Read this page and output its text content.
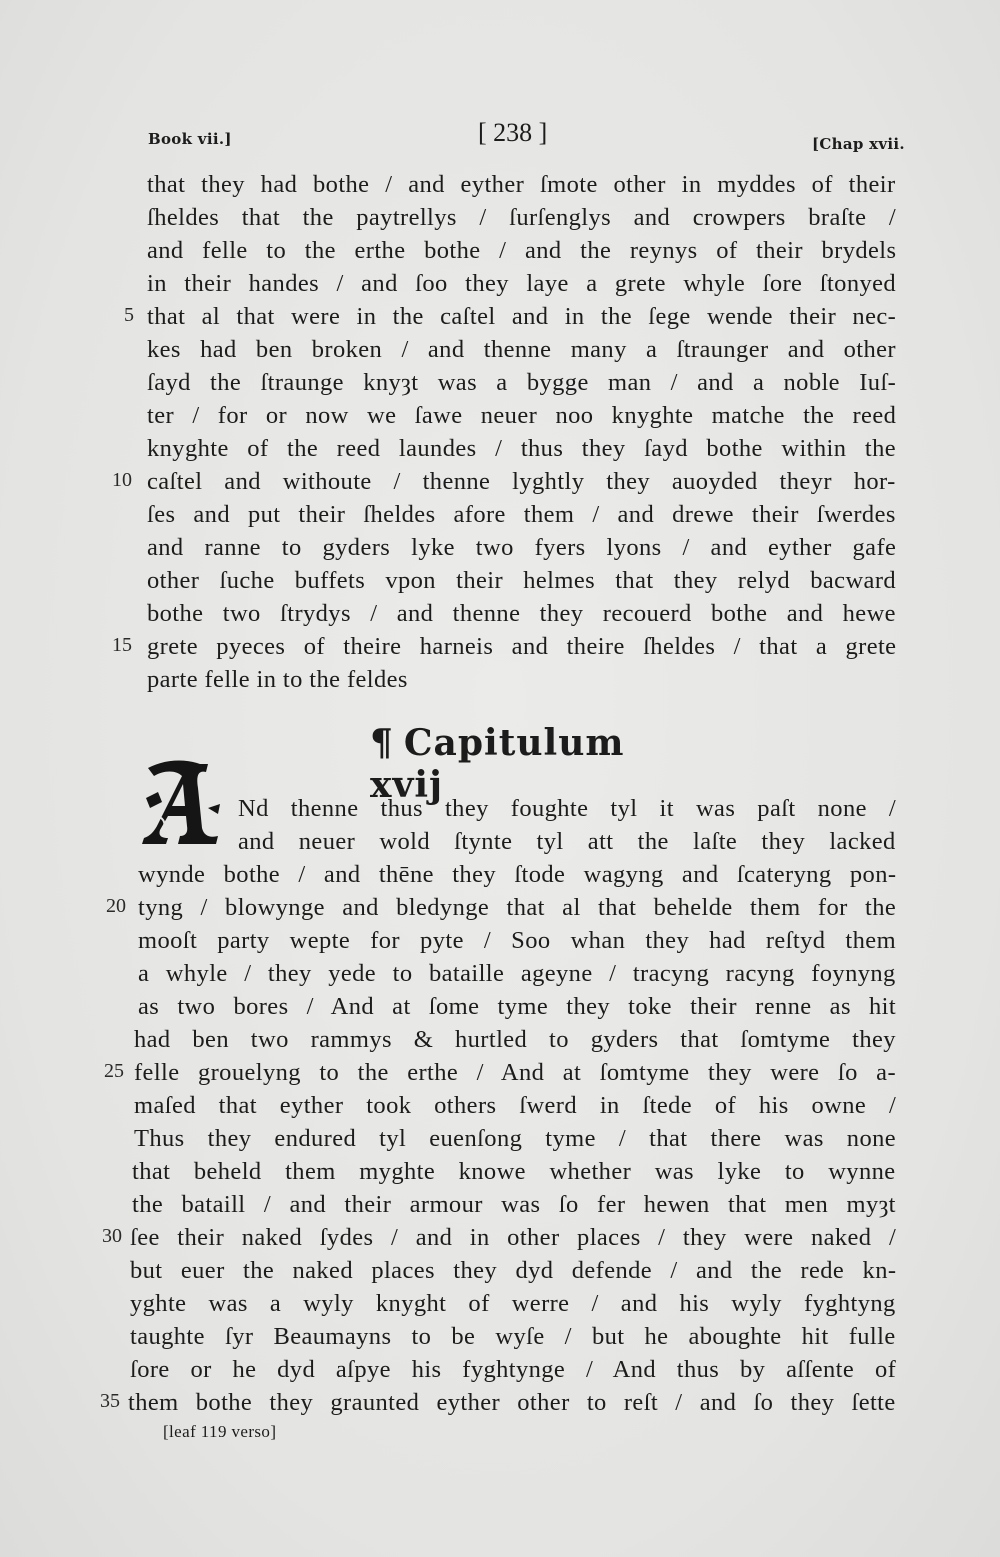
Book vii.]	[ 238 ]	[Chap xvii.
that they had bothe / and eyther ſmote other in myddes of their
ſheldes that the paytrellys / ſurſenglys and crowpers braſte /
and felle to the erthe bothe / and the reynys of their brydels
in their handes / and ſoo they laye a grete whyle ſore ſtonyed
that al that were in the caſtel and in the ſege wende their nec-
kes had ben broken / and thenne many a ſtraunger and other
ſayd the ſtraunge knyȝt was a bygge man / and a noble Iuſ-
ter / for or now we ſawe neuer noo knyghte matche the reed
knyghte of the reed laundes / thus they ſayd bothe within the
caſtel and withoute / thenne lyghtly they auoyded theyr hor-
ſes and put their ſheldes afore them / and drewe their ſwerdes
and ranne to gyders lyke two fyers lyons / and eyther gafe
other ſuche buffets vpon their helmes that they relyd bacward
bothe two ſtrydys / and thenne they recouerd bothe and hewe
grete pyeces of theire harneis and theire ſheldes / that a grete
parte felle in to the feldes
5
10
15
¶ Capitulum xvij
Nd thenne thus they foughte tyl it was paſt none /
and neuer wold ſtynte tyl att the laſte they lacked
wynde bothe / and thēne they ſtode wagyng and ſcateryng pon-
tyng / blowynge and bledynge that al that behelde them for the
mooſt party wepte for pyte / Soo whan they had reſtyd them
a whyle / they yede to bataille ageyne / tracyng racyng foynyng
as two bores / And at ſome tyme they toke their renne as hit
had ben two rammys & hurtled to gyders that ſomtyme they
felle grouelyng to the erthe / And at ſomtyme they were ſo a-
maſed that eyther took others ſwerd in ſtede of his owne /
Thus they endured tyl euenſong tyme / that there was none
that beheld them myghte knowe whether was lyke to wynne
the bataill / and their armour was ſo fer hewen that men myȝt
ſee their naked ſydes / and in other places / they were naked /
but euer the naked places they dyd defende / and the rede kn-
yghte was a wyly knyght of werre / and his wyly fyghtyng
taughte ſyr Beaumayns to be wyſe / but he aboughte hit fulle
ſore or he dyd aſpye his fyghtynge / And thus by aſſente of
them bothe they graunted eyther other to reſt / and ſo they ſette
20
25
30
35
[leaf 119 verso]
